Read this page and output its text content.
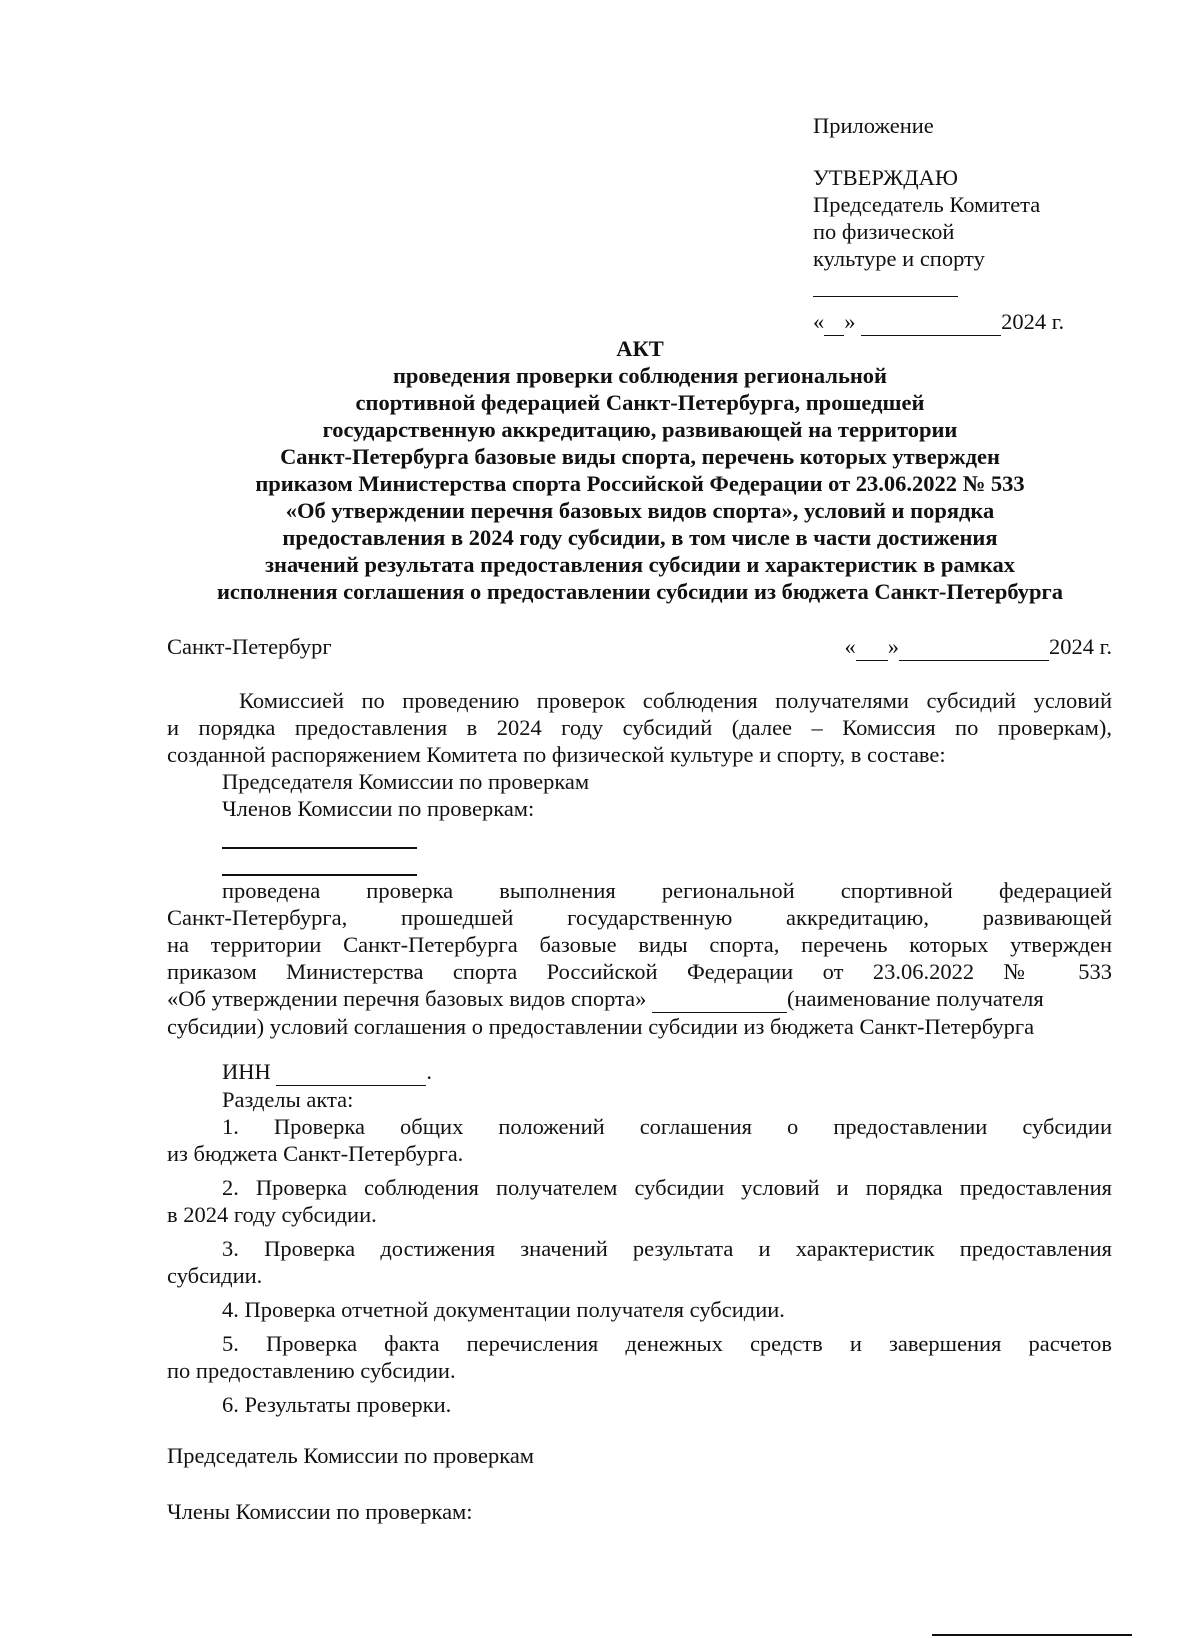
Приложение
УТВЕРЖДАЮ
Председатель Комитета
по физической
культуре и спорту
« »	2024 г.
АКТ
проведения проверки соблюдения региональной
спортивной федерацией Санкт-Петербурга, прошедшей
государственную аккредитацию, развивающей на территории
Санкт-Петербурга базовые виды спорта, перечень которых утвержден
приказом Министерства спорта Российской Федерации от 23.06.2022 № 533
«Об утверждении перечня базовых видов спорта», условий и порядка
предоставления в 2024 году субсидии, в том числе в части достижения
значений результата предоставления субсидии и характеристик в рамках
исполнения соглашения о предоставлении субсидии из бюджета Санкт-Петербурга
Санкт-Петербург	« »	2024 г.
Комиссией по проведению проверок соблюдения получателями субсидий условий
и порядка предоставления в 2024 году субсидий (далее – Комиссия по проверкам),
созданной распоряжением Комитета по физической культуре и спорту, в составе:
Председателя Комиссии по проверкам
Членов Комиссии по проверкам:
проведена проверка выполнения региональной спортивной федерацией
Санкт-Петербурга, прошедшей государственную аккредитацию, развивающей
на территории Санкт-Петербурга базовые виды спорта, перечень которых утвержден
приказом Министерства спорта Российской Федерации от 23.06.2022 № 533
«Об утверждении перечня базовых видов спорта»	(наименование получателя
субсидии) условий соглашения о предоставлении субсидии из бюджета Санкт-Петербурга
ИНН	.
Разделы акта:
1. Проверка общих положений соглашения о предоставлении субсидии
из бюджета Санкт-Петербурга.
2. Проверка соблюдения получателем субсидии условий и порядка предоставления
в 2024 году субсидии.
3. Проверка достижения значений результата и характеристик предоставления
субсидии.
4. Проверка отчетной документации получателя субсидии.
5. Проверка факта перечисления денежных средств и завершения расчетов
по предоставлению субсидии.
6. Результаты проверки.
Председатель Комиссии по проверкам
Члены Комиссии по проверкам:
